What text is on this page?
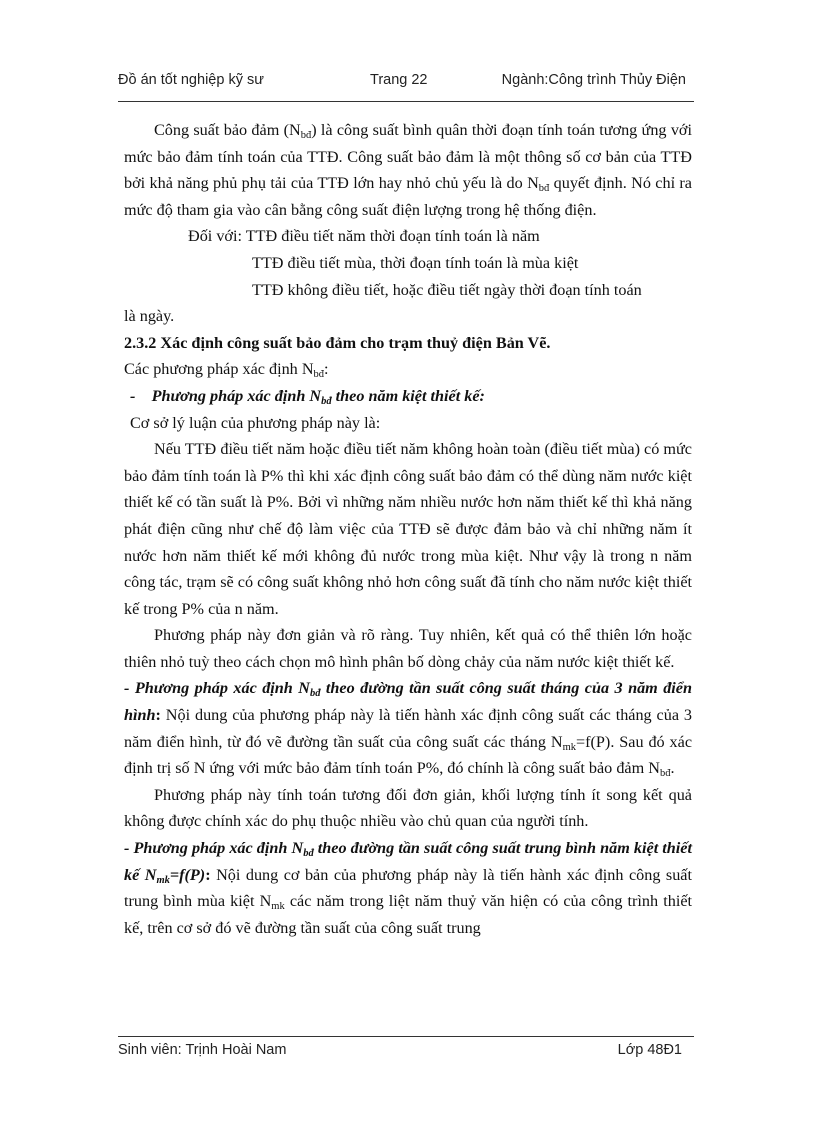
Đồ án tốt nghiệp kỹ sư	Trang 22	Ngành:Công trình Thủy Điện

Công suất bảo đảm $(N_{bđ})$ là công suất bình quân thời đoạn tính toán tương ứng với mức bảo đảm tính toán của TTĐ. Công suất bảo đảm là một thông số cơ bản của TTĐ bởi khả năng phủ phụ tải của TTĐ lớn hay nhỏ chủ yếu là do $N_{bđ}$ quyết định. Nó chỉ ra mức độ tham gia vào cân bằng công suất điện lượng trong hệ thống điện.

Đối với: TTĐ điều tiết năm thời đoạn tính toán là năm
TTĐ điều tiết mùa, thời đoạn tính toán là mùa kiệt
TTĐ không điều tiết, hoặc điều tiết ngày thời đoạn tính toán
là ngày.
2.3.2 Xác định công suất bảo đảm cho trạm thuỷ điện Bản Vẽ.
Các phương pháp xác định $N_{bđ}$:
- Phương pháp xác định $N_{bđ}$ theo năm kiệt thiết kế:
Cơ sở lý luận của phương pháp này là:

Nếu TTĐ điều tiết năm hoặc điều tiết năm không hoàn toàn (điều tiết mùa) có mức bảo đảm tính toán là P% thì khi xác định công suất bảo đảm có thể dùng năm nước kiệt thiết kế có tần suất là P%. Bởi vì những năm nhiều nước hơn năm thiết kế thì khả năng phát điện cũng như chế độ làm việc của TTĐ sẽ được đảm bảo và chỉ những năm ít nước hơn năm thiết kế mới không đủ nước trong mùa kiệt. Như vậy là trong n năm công tác, trạm sẽ có công suất không nhỏ hơn công suất đã tính cho năm nước kiệt thiết kế trong P% của n năm.

Phương pháp này đơn giản và rõ ràng. Tuy nhiên, kết quả có thể thiên lớn hoặc thiên nhỏ tuỳ theo cách chọn mô hình phân bố dòng chảy của năm nước kiệt thiết kế.

- Phương pháp xác định $N_{bđ}$ theo đường tần suất công suất tháng của 3 năm điển hình: Nội dung của phương pháp này là tiến hành xác định công suất các tháng của 3 năm điển hình, từ đó vẽ đường tần suất của công suất các tháng $N_{mk}=f(P)$. Sau đó xác định trị số N ứng với mức bảo đảm tính toán P%, đó chính là công suất bảo đảm $N_{bđ}$.

Phương pháp này tính toán tương đối đơn giản, khối lượng tính ít song kết quả không được chính xác do phụ thuộc nhiều vào chủ quan của người tính.

- Phương pháp xác định $N_{bđ}$ theo đường tần suất công suất trung bình năm kiệt thiết kế $N_{mk}=f(P)$: Nội dung cơ bản của phương pháp này là tiến hành xác định công suất trung bình mùa kiệt $N_{mk}$ các năm trong liệt năm thuỷ văn hiện có của công trình thiết kế, trên cơ sở đó vẽ đường tần suất của công suất trung

Sinh viên: Trịnh Hoài Nam	Lớp 48Đ1
